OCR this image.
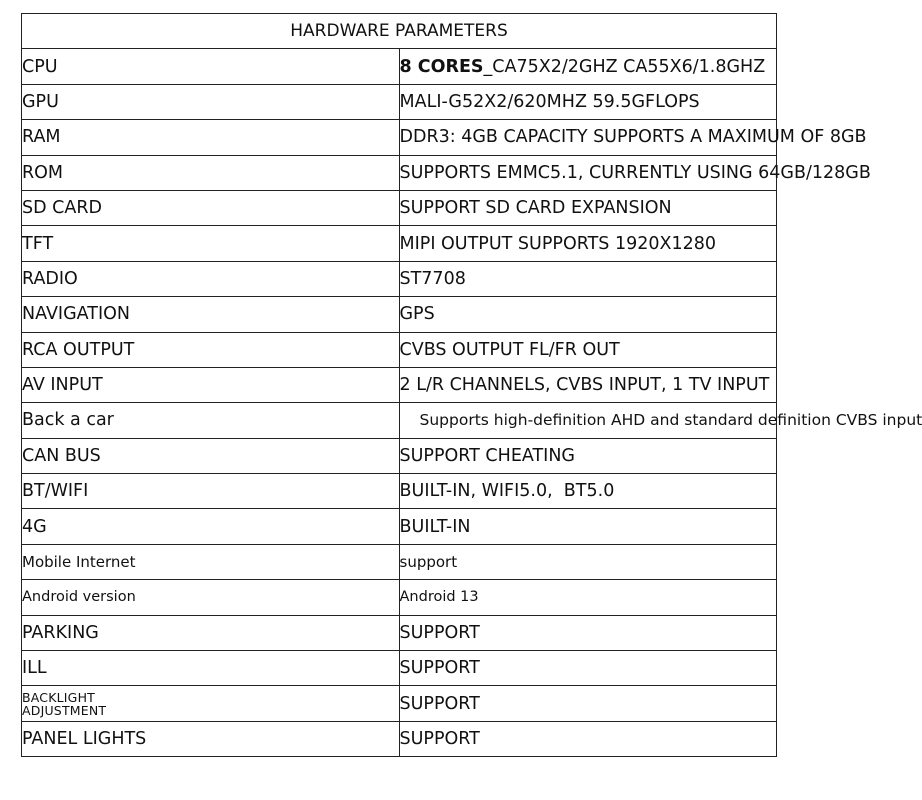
HARDWARE PARAMETERS	
CPU	8 CORES_CA75X2/2GHZ CA55X6/1.8GHZ
GPU	MALI-G52X2/620MHZ 59.5GFLOPS
RAM	DDR3: 4GB CAPACITY SUPPORTS A MAXIMUM OF 8GB
ROM	SUPPORTS EMMC5.1, CURRENTLY USING 64GB/128GB
SD CARD	SUPPORT SD CARD EXPANSION
TFT	MIPI OUTPUT SUPPORTS 1920X1280
RADIO	ST7708
NAVIGATION	GPS
RCA OUTPUT	CVBS OUTPUT FL/FR OUT
AV INPUT	2 L/R CHANNELS, CVBS INPUT, 1 TV INPUT
Back a car	Supports high-definition AHD and standard definition CVBS input
CAN BUS	SUPPORT CHEATING
BT/WIFI	BUILT-IN, WIFI5.0,  BT5.0
4G	BUILT-IN
Mobile Internet	support
Android version	Android 13
PARKING	SUPPORT
ILL	SUPPORT

BACKLIGHT
ADJUSTMENT	SUPPORT
PANEL LIGHTS	SUPPORT
